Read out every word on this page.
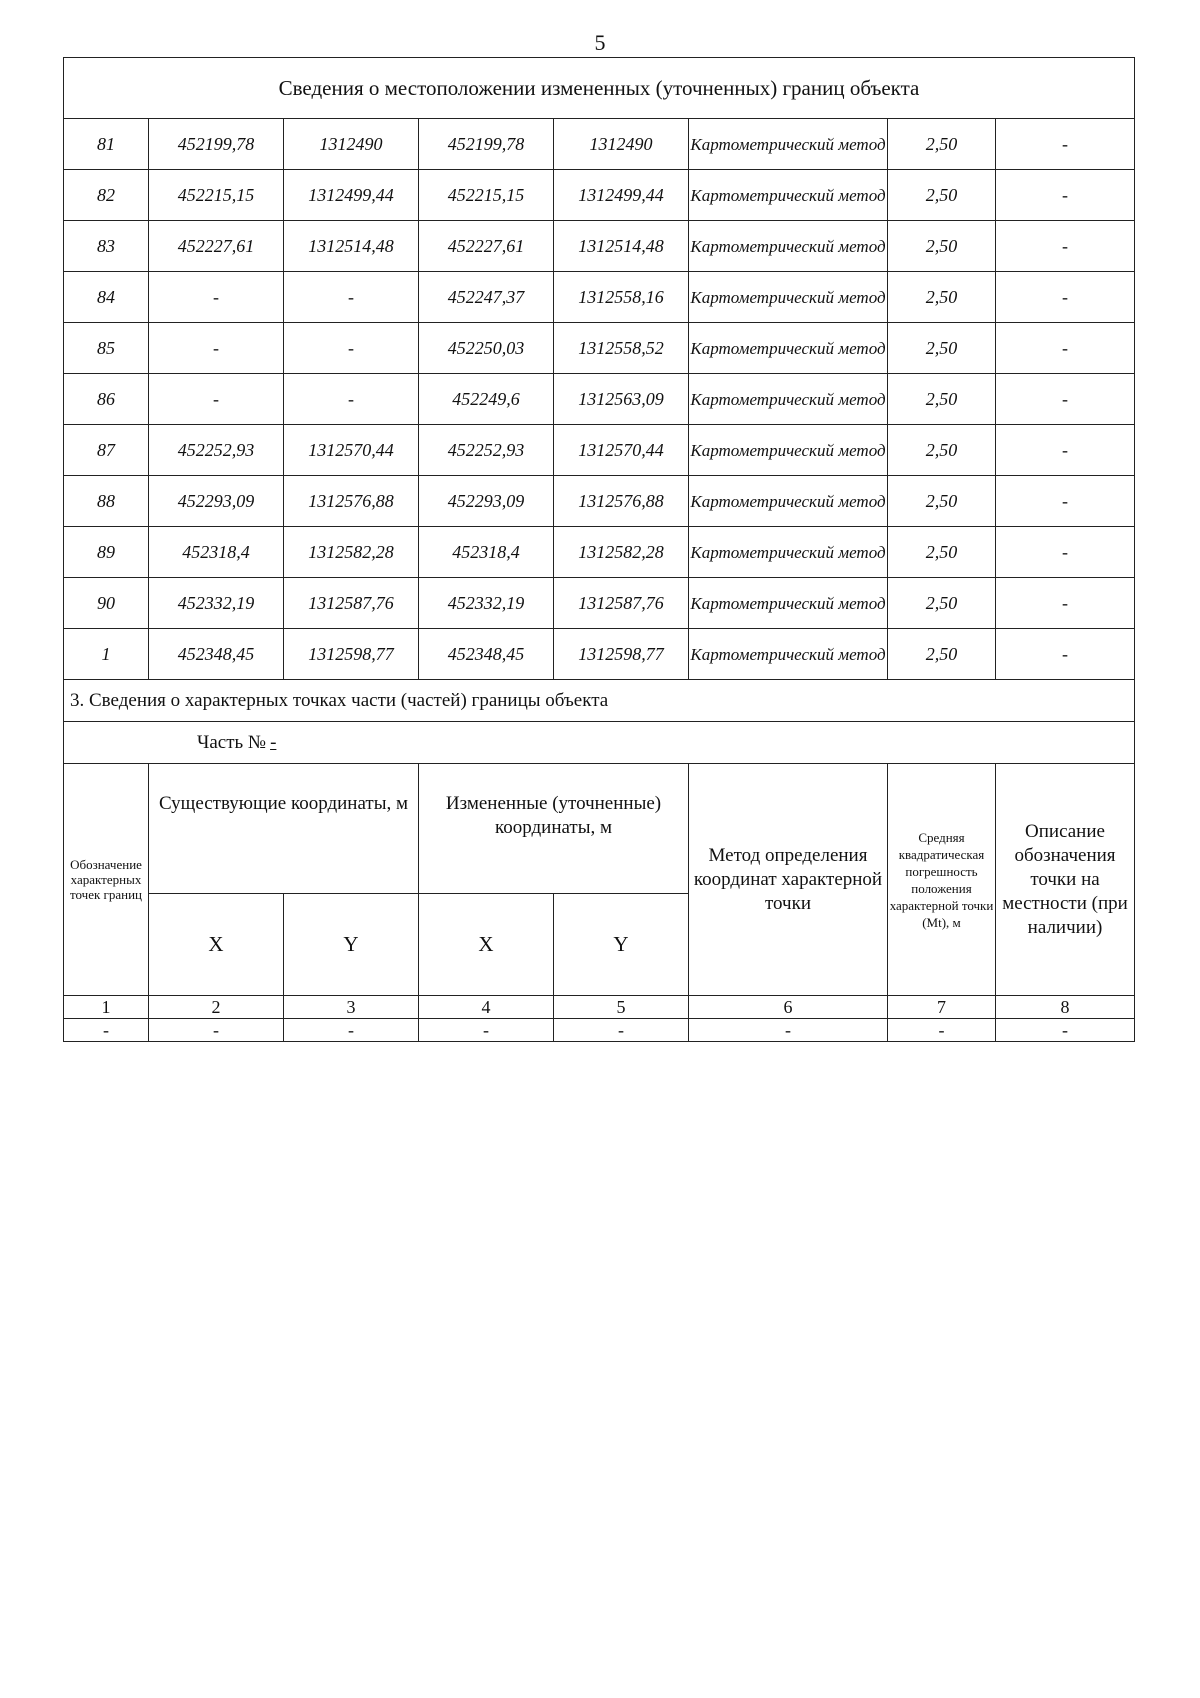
5
Сведения о местоположении измененных (уточненных) границ объекта							
81	452199,78	1312490	452199,78	1312490	Картометрический метод	2,50	-
82	452215,15	1312499,44	452215,15	1312499,44	Картометрический метод	2,50	-
83	452227,61	1312514,48	452227,61	1312514,48	Картометрический метод	2,50	-
84	-	-	452247,37	1312558,16	Картометрический метод	2,50	-
85	-	-	452250,03	1312558,52	Картометрический метод	2,50	-
86	-	-	452249,6	1312563,09	Картометрический метод	2,50	-
87	452252,93	1312570,44	452252,93	1312570,44	Картометрический метод	2,50	-
88	452293,09	1312576,88	452293,09	1312576,88	Картометрический метод	2,50	-
89	452318,4	1312582,28	452318,4	1312582,28	Картометрический метод	2,50	-
90	452332,19	1312587,76	452332,19	1312587,76	Картометрический метод	2,50	-
1	452348,45	1312598,77	452348,45	1312598,77	Картометрический метод	2,50	-
3. Сведения о характерных точках части (частей) границы объекта							
Часть № -							
Обозначение характерных точек границ	Существующие координаты, м		Измененные (уточненные) координаты, м		Метод определения координат характерной точки	Средняя квадратическая погрешность положения характерной точки (Mt), м	Описание обозначения точки на местности (при наличии)
	X	Y	X	Y			
1	2	3	4	5	6	7	8
-	-	-	-	-	-	-	-
